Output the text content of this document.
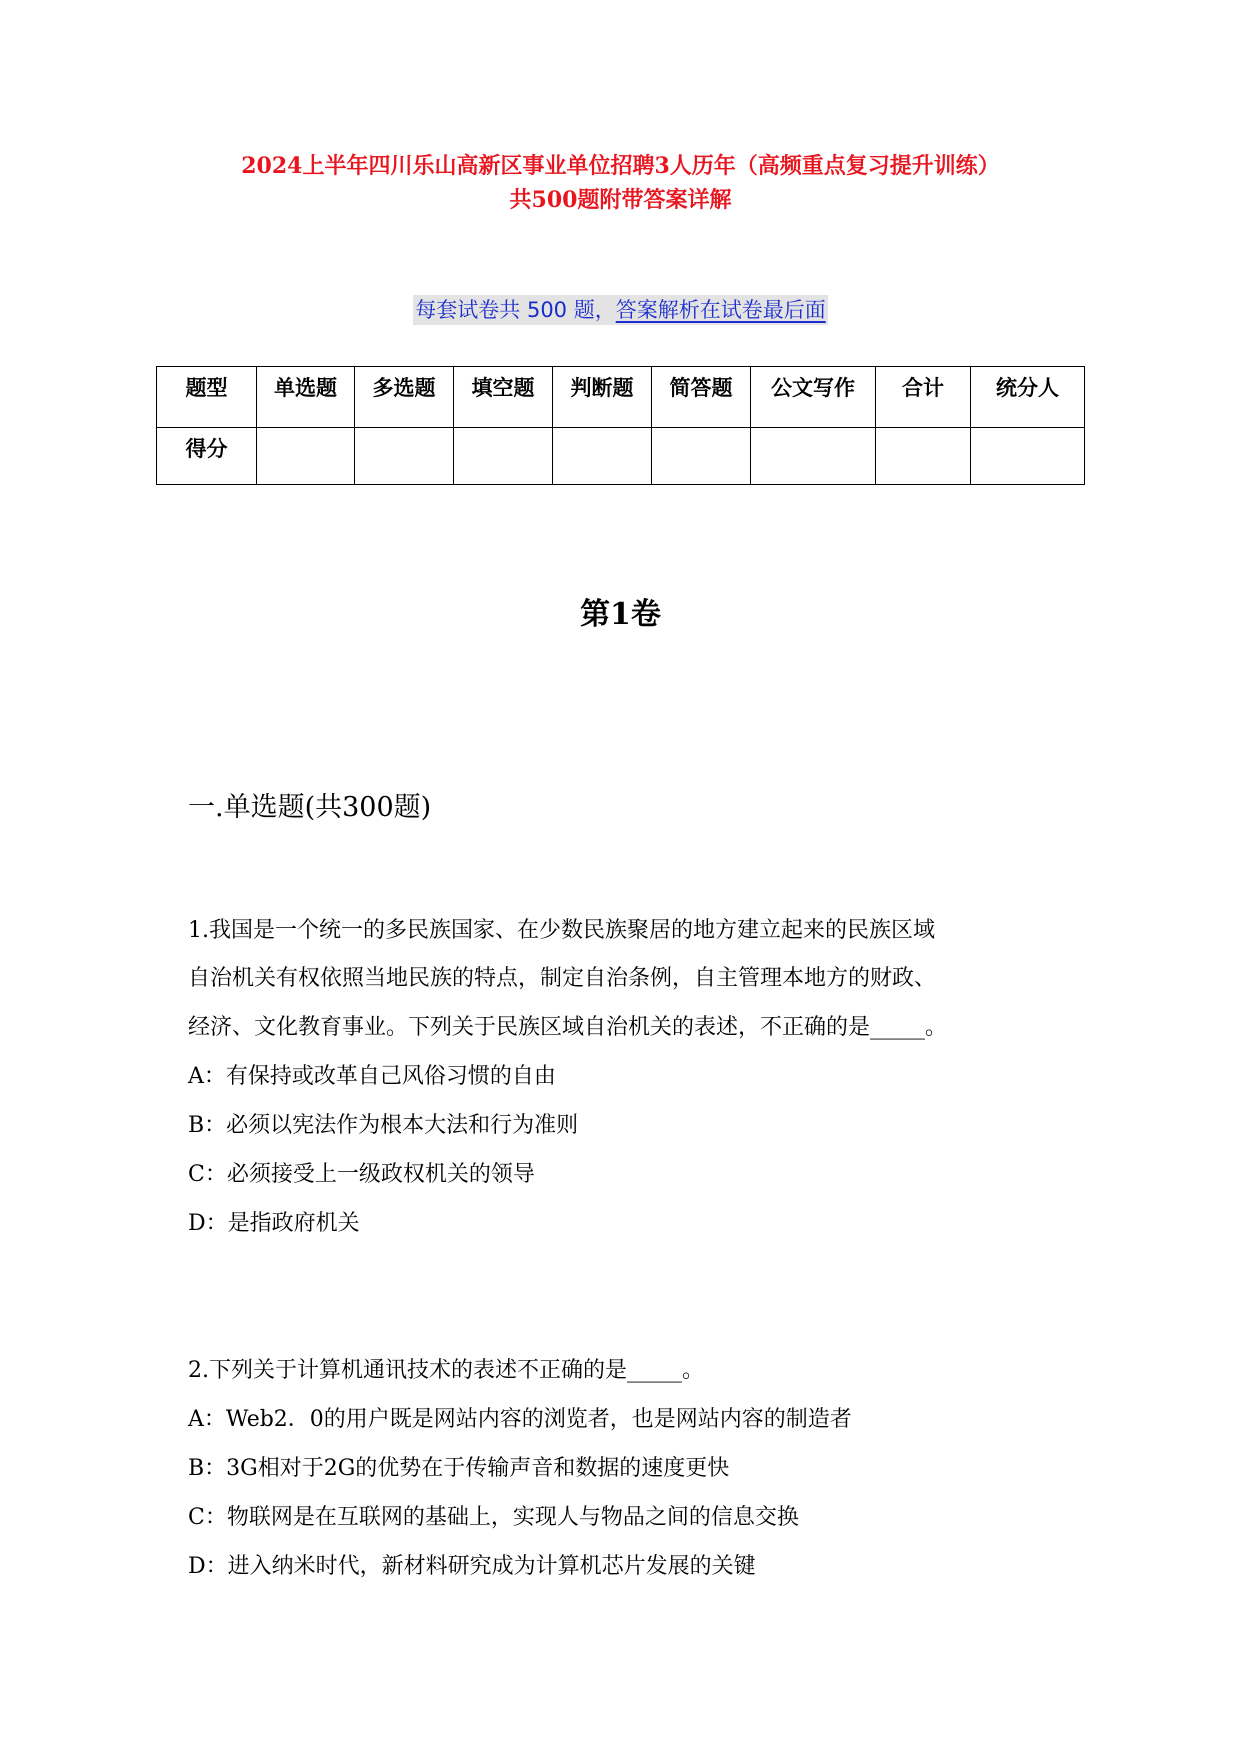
2024上半年四川乐山高新区事业单位招聘3人历年（高频重点复习提升训练）
共500题附带答案详解
每套试卷共 500 题，答案解析在试卷最后面
题型	单选题	多选题	填空题	判断题	简答题	公文写作	合计	统分人
得分								
第1卷
一.单选题(共300题)
1.我国是一个统一的多民族国家、在少数民族聚居的地方建立起来的民族区域
自治机关有权依照当地民族的特点，制定自治条例，自主管理本地方的财政、
经济、文化教育事业。下列关于民族区域自治机关的表述，不正确的是_____。
A：有保持或改革自己风俗习惯的自由
B：必须以宪法作为根本大法和行为准则
C：必须接受上一级政权机关的领导
D：是指政府机关
2.下列关于计算机通讯技术的表述不正确的是_____。
A：Web2．0的用户既是网站内容的浏览者，也是网站内容的制造者
B：3G相对于2G的优势在于传输声音和数据的速度更快
C：物联网是在互联网的基础上，实现人与物品之间的信息交换
D：进入纳米时代，新材料研究成为计算机芯片发展的关键
